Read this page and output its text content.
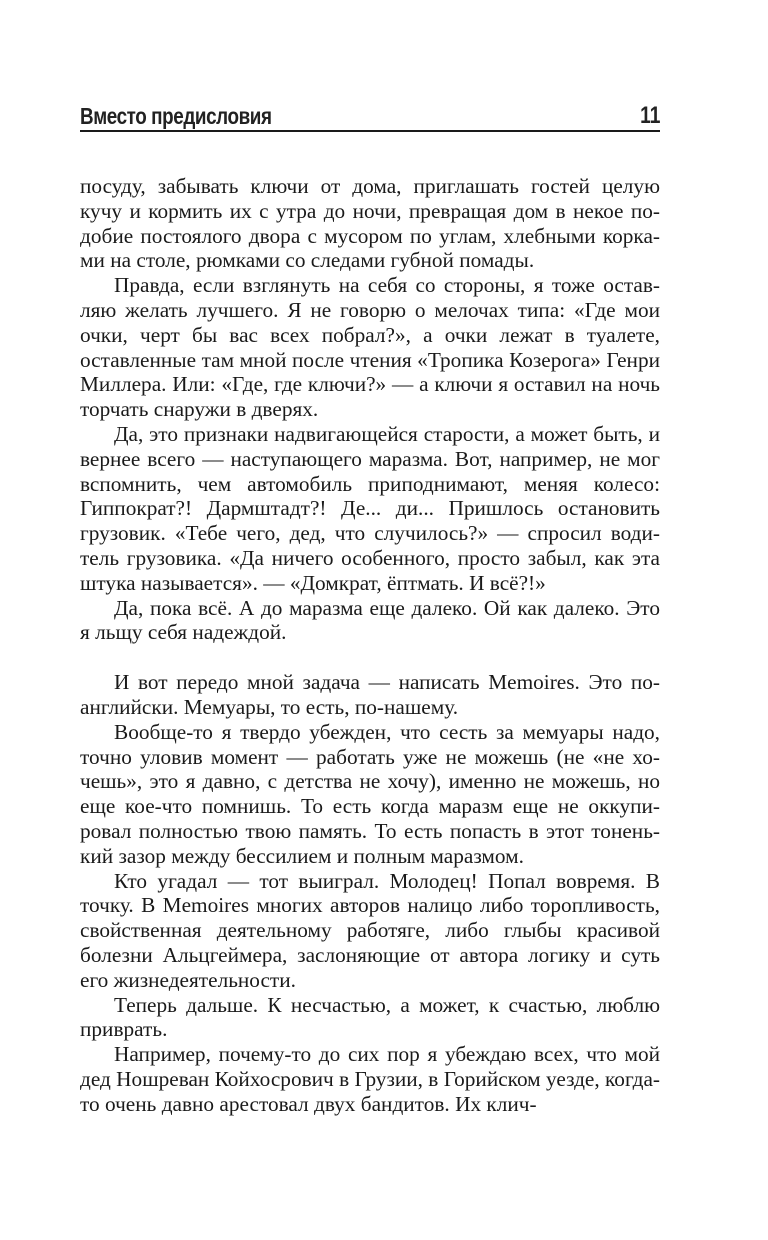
Вместо предисловия	11

посуду, забывать ключи от дома, приглашать гостей целую кучу и кормить их с утра до ночи, превращая дом в некое подобие постоялого двора с мусором по углам, хлебными корками на столе, рюмками со следами губной помады.

Правда, если взглянуть на себя со стороны, я тоже оставляю желать лучшего. Я не говорю о мелочах типа: «Где мои очки, черт бы вас всех побрал?», а очки лежат в туалете, оставленные там мной после чтения «Тропика Козерога» Генри Миллера. Или: «Где, где ключи?» — а ключи я оставил на ночь торчать снаружи в дверях.

Да, это признаки надвигающейся старости, а может быть, и вернее всего — наступающего маразма. Вот, например, не мог вспомнить, чем автомобиль приподнимают, меняя колесо: Гиппократ?! Дармштадт?! Де... ди... Пришлось остановить грузовик. «Тебе чего, дед, что случилось?» — спросил водитель грузовика. «Да ничего особенного, просто забыл, как эта штука называется». — «Домкрат, ёптмать. И всё?!»

Да, пока всё. А до маразма еще далеко. Ой как далеко. Это я льщу себя надеждой.

И вот передо мной задача — написать Memoires. Это по-английски. Мемуары, то есть, по-нашему.

Вообще-то я твердо убежден, что сесть за мемуары надо, точно уловив момент — работать уже не можешь (не «не хочешь», это я давно, с детства не хочу), именно не можешь, но еще кое-что помнишь. То есть когда маразм еще не оккупировал полностью твою память. То есть попасть в этот тоненький зазор между бессилием и полным маразмом.

Кто угадал — тот выиграл. Молодец! Попал вовремя. В точку. В Memoires многих авторов налицо либо торопливость, свойственная деятельному работяге, либо глыбы красивой болезни Альцгеймера, заслоняющие от автора логику и суть его жизнедеятельности.

Теперь дальше. К несчастью, а может, к счастью, люблю приврать.

Например, почему-то до сих пор я убеждаю всех, что мой дед Ношреван Койхосрович в Грузии, в Горийском уезде, когда-то очень давно арестовал двух бандитов. Их клич-
